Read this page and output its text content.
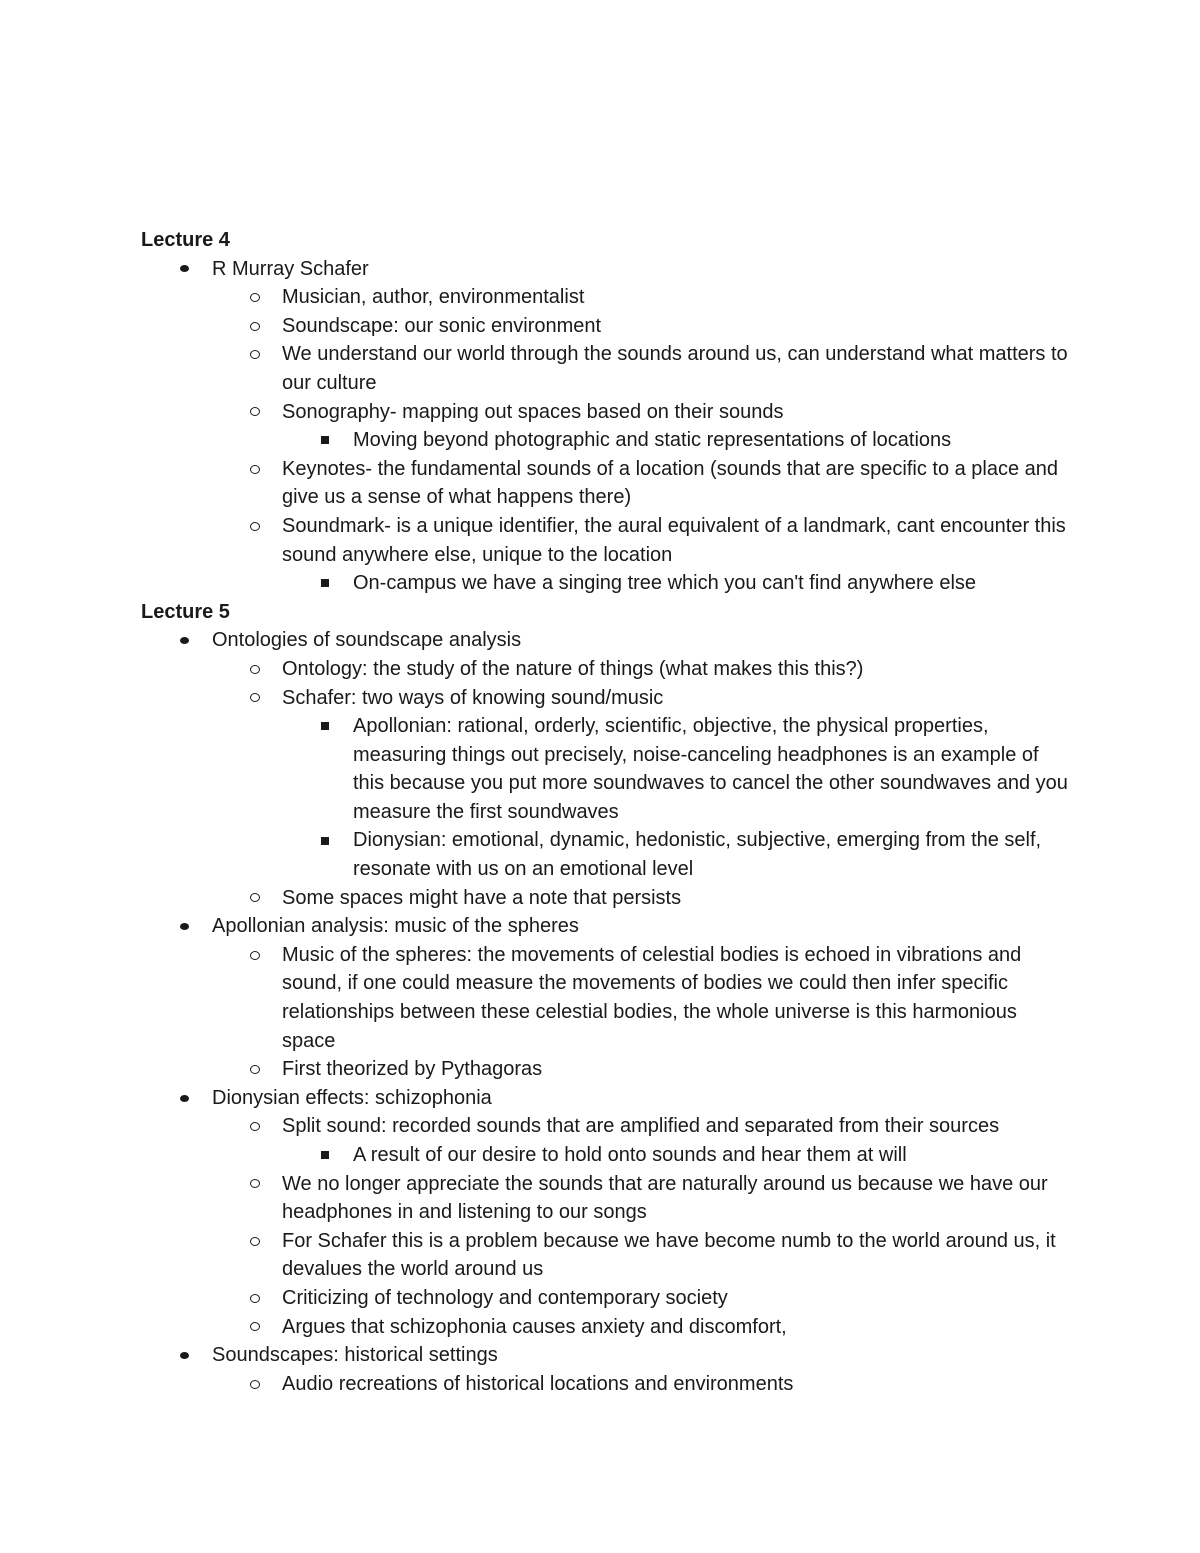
Lecture 4
R Murray Schafer
Musician, author, environmentalist
Soundscape: our sonic environment
We understand our world through the sounds around us, can understand what matters to our culture
Sonography- mapping out spaces based on their sounds
Moving beyond photographic and static representations of locations
Keynotes- the fundamental sounds of a location (sounds that are specific to a place and give us a sense of what happens there)
Soundmark- is a unique identifier, the aural equivalent of a landmark, cant encounter this sound anywhere else, unique to the location
On-campus we have a singing tree which you can't find anywhere else
Lecture 5
Ontologies of soundscape analysis
Ontology: the study of the nature of things (what makes this this?)
Schafer: two ways of knowing sound/music
Apollonian: rational, orderly, scientific, objective, the physical properties, measuring things out precisely, noise-canceling headphones is an example of this because you put more soundwaves to cancel the other soundwaves and you measure the first soundwaves
Dionysian: emotional, dynamic, hedonistic, subjective, emerging from the self, resonate with us on an emotional level
Some spaces might have a note that persists
Apollonian analysis: music of the spheres
Music of the spheres: the movements of celestial bodies is echoed in vibrations and sound, if one could measure the movements of bodies we could then infer specific relationships between these celestial bodies, the whole universe is this harmonious space
First theorized by Pythagoras
Dionysian effects: schizophonia
Split sound: recorded sounds that are amplified and separated from their sources
A result of our desire to hold onto sounds and hear them at will
We no longer appreciate the sounds that are naturally around us because we have our headphones in and listening to our songs
For Schafer this is a problem because we have become numb to the world around us, it devalues the world around us
Criticizing of technology and contemporary society
Argues that schizophonia causes anxiety and discomfort,
Soundscapes: historical settings
Audio recreations of historical locations and environments
